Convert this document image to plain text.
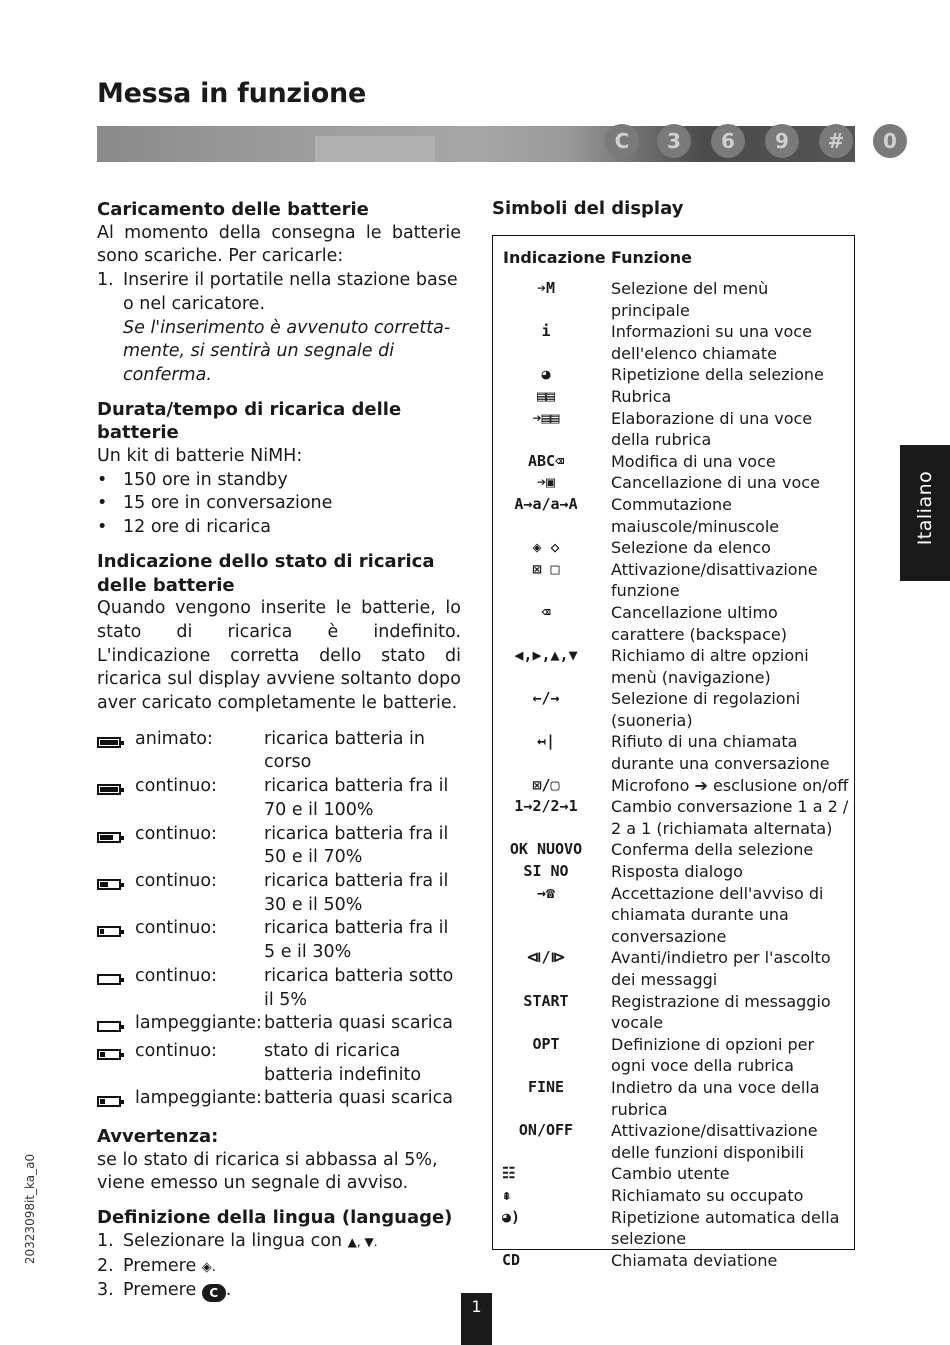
Messa in funzione
C	3	6	9	#	0
Caricamento delle batterie

Al momento della consegna le batterie sono scariche. Per caricarle:

1. Inserire il portatile nella stazione base o nel caricatore.
Se l'inserimento è avvenuto corretta-mente, si sentirà un segnale di conferma.
Durata/tempo di ricarica delle batterie

Un kit di batterie NiMH:

• 150 ore in standby
• 15 ore in conversazione
• 12 ore di ricarica
Indicazione dello stato di ricarica delle batterie

Quando vengono inserite le batterie, lo stato di ricarica è indefinito. L'indicazione corretta dello stato di ricarica sul display avviene soltanto dopo aver caricato completamente le batterie.

animato:	ricarica batteria in corso
continuo:	ricarica batteria fra il 70 e il 100%
continuo:	ricarica batteria fra il 50 e il 70%
continuo:	ricarica batteria fra il 30 e il 50%
continuo:	ricarica batteria fra il 5 e il 30%
continuo:	ricarica batteria sotto il 5%
lampeggiante: batteria quasi scarica
continuo:	stato di ricarica batteria indefinito
lampeggiante: batteria quasi scarica
Avvertenza:

se lo stato di ricarica si abbassa al 5%, viene emesso un segnale di avviso.

Definizione della lingua (language)
1. Selezionare la lingua con ▲, ▼.
2. Premere ◈.
3. Premere C .
Simboli del display
Indicazione Funzione
➔M	Selezione del menù principale
i	Informazioni su una voce dell'elenco chiamate
◕	Ripetizione della selezione
▤▤	Rubrica
➔▤▤	Elaborazione di una voce della rubrica
ABC⌫	Modifica di una voce
➔▣	Cancellazione di una voce
A→a/a→A	Commutazione maiuscole/minuscole
◈ ◇	Selezione da elenco
⊠ □	Attivazione/disattivazione funzione
⌫	Cancellazione ultimo carattere (backspace)
◀,▶,▲,▼	Richiamo di altre opzioni menù (navigazione)
←/→	Selezione di regolazioni (suoneria)
↤|	Rifiuto di una chiamata durante una conversazione
⊠/▢	Microfono ➔ esclusione on/off
1→2/2→1	Cambio conversazione 1 a 2 / 2 a 1 (richiamata alternata)
OK NUOVO	Conferma della selezione
SI NO	Risposta dialogo
→☎	Accettazione dell'avviso di chiamata durante una conversazione
⧏/⧐	Avanti/indietro per l'ascolto dei messaggi
START	Registrazione di messaggio vocale
OPT	Definizione di opzioni per ogni voce della rubrica
FINE	Indietro da una voce della rubrica
ON/OFF	Attivazione/disattivazione delle funzioni disponibili
☷	Cambio utente
⇞	Richiamato su occupato
◕)	Ripetizione automatica della selezione
CD	Chiamata deviatione
Italiano
20323098it_ka_a0
1
